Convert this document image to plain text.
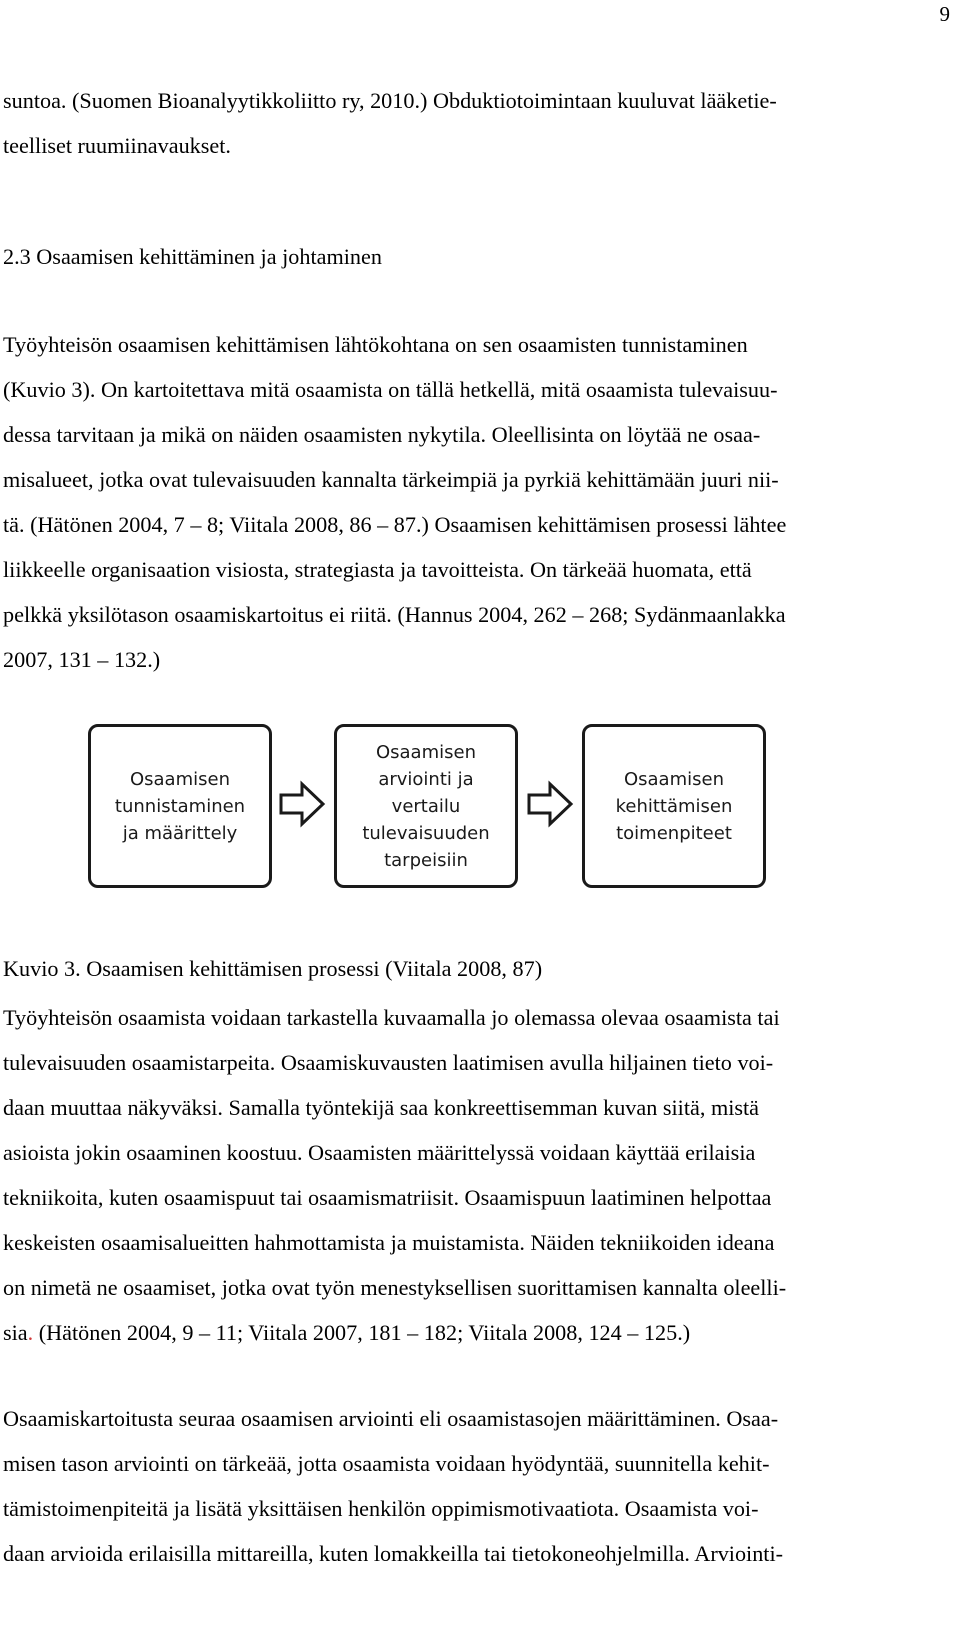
9
suntoa. (Suomen Bioanalyytikkoliitto ry, 2010.) Obduktiotoimintaan kuuluvat lääketie-
teelliset ruumiinavaukset.
2.3 Osaamisen kehittäminen ja johtaminen
Työyhteisön osaamisen kehittämisen lähtökohtana on sen osaamisten tunnistaminen
(Kuvio 3). On kartoitettava mitä osaamista on tällä hetkellä, mitä osaamista tulevaisuu-
dessa tarvitaan ja mikä on näiden osaamisten nykytila. Oleellisinta on löytää ne osaa-
misalueet, jotka ovat tulevaisuuden kannalta tärkeimpiä ja pyrkiä kehittämään juuri nii-
tä. (Hätönen 2004, 7 – 8; Viitala 2008, 86 – 87.) Osaamisen kehittämisen prosessi lähtee
liikkeelle organisaation visiosta, strategiasta ja tavoitteista. On tärkeää huomata, että
pelkkä yksilötason osaamiskartoitus ei riitä. (Hannus 2004, 262 – 268; Sydänmaanlakka
2007, 131 – 132.)
Osaamisen
tunnistaminen
ja määrittely
Osaamisen
arviointi ja
vertailu
tulevaisuuden
tarpeisiin
Osaamisen
kehittämisen
toimenpiteet

Kuvio 3. Osaamisen kehittämisen prosessi (Viitala 2008, 87)

Työyhteisön osaamista voidaan tarkastella kuvaamalla jo olemassa olevaa osaamista tai
tulevaisuuden osaamistarpeita. Osaamiskuvausten laatimisen avulla hiljainen tieto voi-
daan muuttaa näkyväksi. Samalla työntekijä saa konkreettisemman kuvan siitä, mistä
asioista jokin osaaminen koostuu. Osaamisten määrittelyssä voidaan käyttää erilaisia
tekniikoita, kuten osaamispuut tai osaamismatriisit. Osaamispuun laatiminen helpottaa
keskeisten osaamisalueitten hahmottamista ja muistamista. Näiden tekniikoiden ideana
on nimetä ne osaamiset, jotka ovat työn menestyksellisen suorittamisen kannalta oleelli-
sia. (Hätönen 2004, 9 – 11; Viitala 2007, 181 – 182; Viitala 2008, 124 – 125.)
Osaamiskartoitusta seuraa osaamisen arviointi eli osaamistasojen määrittäminen. Osaa-
misen tason arviointi on tärkeää, jotta osaamista voidaan hyödyntää, suunnitella kehit-
tämistoimenpiteitä ja lisätä yksittäisen henkilön oppimismotivaatiota. Osaamista voi-
daan arvioida erilaisilla mittareilla, kuten lomakkeilla tai tietokoneohjelmilla. Arviointi-
